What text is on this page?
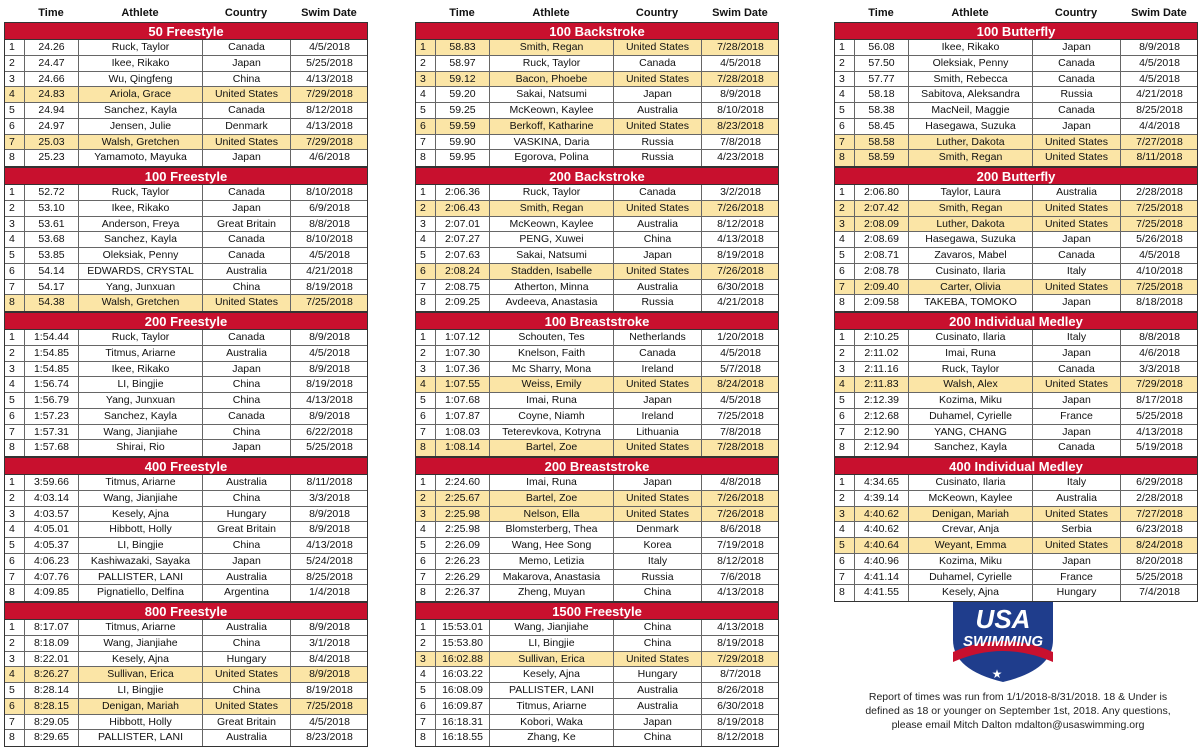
Time	Athlete	Country	Swim Date
50 Freestyle
1	24.26	Ruck, Taylor	Canada	4/5/2018
2	24.47	Ikee, Rikako	Japan	5/25/2018
3	24.66	Wu, Qingfeng	China	4/13/2018
4	24.83	Ariola, Grace	United States	7/29/2018
5	24.94	Sanchez, Kayla	Canada	8/12/2018
6	24.97	Jensen, Julie	Denmark	4/13/2018
7	25.03	Walsh, Gretchen	United States	7/29/2018
8	25.23	Yamamoto, Mayuka	Japan	4/6/2018
100 Freestyle
1	52.72	Ruck, Taylor	Canada	8/10/2018
2	53.10	Ikee, Rikako	Japan	6/9/2018
3	53.61	Anderson, Freya	Great Britain	8/8/2018
4	53.68	Sanchez, Kayla	Canada	8/10/2018
5	53.85	Oleksiak, Penny	Canada	4/5/2018
6	54.14	EDWARDS, CRYSTAL	Australia	4/21/2018
7	54.17	Yang, Junxuan	China	8/19/2018
8	54.38	Walsh, Gretchen	United States	7/25/2018
200 Freestyle
1	1:54.44	Ruck, Taylor	Canada	8/9/2018
2	1:54.85	Titmus, Ariarne	Australia	4/5/2018
3	1:54.85	Ikee, Rikako	Japan	8/9/2018
4	1:56.74	LI, Bingjie	China	8/19/2018
5	1:56.79	Yang, Junxuan	China	4/13/2018
6	1:57.23	Sanchez, Kayla	Canada	8/9/2018
7	1:57.31	Wang, Jianjiahe	China	6/22/2018
8	1:57.68	Shirai, Rio	Japan	5/25/2018
400 Freestyle
1	3:59.66	Titmus, Ariarne	Australia	8/11/2018
2	4:03.14	Wang, Jianjiahe	China	3/3/2018
3	4:03.57	Kesely, Ajna	Hungary	8/9/2018
4	4:05.01	Hibbott, Holly	Great Britain	8/9/2018
5	4:05.37	LI, Bingjie	China	4/13/2018
6	4:06.23	Kashiwazaki, Sayaka	Japan	5/24/2018
7	4:07.76	PALLISTER, LANI	Australia	8/25/2018
8	4:09.85	Pignatiello, Delfina	Argentina	1/4/2018
800 Freestyle
1	8:17.07	Titmus, Ariarne	Australia	8/9/2018
2	8:18.09	Wang, Jianjiahe	China	3/1/2018
3	8:22.01	Kesely, Ajna	Hungary	8/4/2018
4	8:26.27	Sullivan, Erica	United States	8/9/2018
5	8:28.14	LI, Bingjie	China	8/19/2018
6	8:28.15	Denigan, Mariah	United States	7/25/2018
7	8:29.05	Hibbott, Holly	Great Britain	4/5/2018
8	8:29.65	PALLISTER, LANI	Australia	8/23/2018
Time	Athlete	Country	Swim Date
100 Backstroke
1	58.83	Smith, Regan	United States	7/28/2018
2	58.97	Ruck, Taylor	Canada	4/5/2018
3	59.12	Bacon, Phoebe	United States	7/28/2018
4	59.20	Sakai, Natsumi	Japan	8/9/2018
5	59.25	McKeown, Kaylee	Australia	8/10/2018
6	59.59	Berkoff, Katharine	United States	8/23/2018
7	59.90	VASKINA, Daria	Russia	7/8/2018
8	59.95	Egorova, Polina	Russia	4/23/2018
200 Backstroke
1	2:06.36	Ruck, Taylor	Canada	3/2/2018
2	2:06.43	Smith, Regan	United States	7/26/2018
3	2:07.01	McKeown, Kaylee	Australia	8/12/2018
4	2:07.27	PENG, Xuwei	China	4/13/2018
5	2:07.63	Sakai, Natsumi	Japan	8/19/2018
6	2:08.24	Stadden, Isabelle	United States	7/26/2018
7	2:08.75	Atherton, Minna	Australia	6/30/2018
8	2:09.25	Avdeeva, Anastasia	Russia	4/21/2018
100 Breaststroke
1	1:07.12	Schouten, Tes	Netherlands	1/20/2018
2	1:07.30	Knelson, Faith	Canada	4/5/2018
3	1:07.36	Mc Sharry, Mona	Ireland	5/7/2018
4	1:07.55	Weiss, Emily	United States	8/24/2018
5	1:07.68	Imai, Runa	Japan	4/5/2018
6	1:07.87	Coyne, Niamh	Ireland	7/25/2018
7	1:08.03	Teterevkova, Kotryna	Lithuania	7/8/2018
8	1:08.14	Bartel, Zoe	United States	7/28/2018
200 Breaststroke
1	2:24.60	Imai, Runa	Japan	4/8/2018
2	2:25.67	Bartel, Zoe	United States	7/26/2018
3	2:25.98	Nelson, Ella	United States	7/26/2018
4	2:25.98	Blomsterberg, Thea	Denmark	8/6/2018
5	2:26.09	Wang, Hee Song	Korea	7/19/2018
6	2:26.23	Memo, Letizia	Italy	8/12/2018
7	2:26.29	Makarova, Anastasia	Russia	7/6/2018
8	2:26.37	Zheng, Muyan	China	4/13/2018
1500 Freestyle
1	15:53.01	Wang, Jianjiahe	China	4/13/2018
2	15:53.80	LI, Bingjie	China	8/19/2018
3	16:02.88	Sullivan, Erica	United States	7/29/2018
4	16:03.22	Kesely, Ajna	Hungary	8/7/2018
5	16:08.09	PALLISTER, LANI	Australia	8/26/2018
6	16:09.87	Titmus, Ariarne	Australia	6/30/2018
7	16:18.31	Kobori, Waka	Japan	8/19/2018
8	16:18.55	Zhang, Ke	China	8/12/2018
Time	Athlete	Country	Swim Date
100 Butterfly
1	56.08	Ikee, Rikako	Japan	8/9/2018
2	57.50	Oleksiak, Penny	Canada	4/5/2018
3	57.77	Smith, Rebecca	Canada	4/5/2018
4	58.18	Sabitova, Aleksandra	Russia	4/21/2018
5	58.38	MacNeil, Maggie	Canada	8/25/2018
6	58.45	Hasegawa, Suzuka	Japan	4/4/2018
7	58.58	Luther, Dakota	United States	7/27/2018
8	58.59	Smith, Regan	United States	8/11/2018
200 Butterfly
1	2:06.80	Taylor, Laura	Australia	2/28/2018
2	2:07.42	Smith, Regan	United States	7/25/2018
3	2:08.09	Luther, Dakota	United States	7/25/2018
4	2:08.69	Hasegawa, Suzuka	Japan	5/26/2018
5	2:08.71	Zavaros, Mabel	Canada	4/5/2018
6	2:08.78	Cusinato, Ilaria	Italy	4/10/2018
7	2:09.40	Carter, Olivia	United States	7/25/2018
8	2:09.58	TAKEBA, TOMOKO	Japan	8/18/2018
200 Individual Medley
1	2:10.25	Cusinato, Ilaria	Italy	8/8/2018
2	2:11.02	Imai, Runa	Japan	4/6/2018
3	2:11.16	Ruck, Taylor	Canada	3/3/2018
4	2:11.83	Walsh, Alex	United States	7/29/2018
5	2:12.39	Kozima, Miku	Japan	8/17/2018
6	2:12.68	Duhamel, Cyrielle	France	5/25/2018
7	2:12.90	YANG, CHANG	Japan	4/13/2018
8	2:12.94	Sanchez, Kayla	Canada	5/19/2018
400 Individual Medley
1	4:34.65	Cusinato, Ilaria	Italy	6/29/2018
2	4:39.14	McKeown, Kaylee	Australia	2/28/2018
3	4:40.62	Denigan, Mariah	United States	7/27/2018
4	4:40.62	Crevar, Anja	Serbia	6/23/2018
5	4:40.64	Weyant, Emma	United States	8/24/2018
6	4:40.96	Kozima, Miku	Japan	8/20/2018
7	4:41.14	Duhamel, Cyrielle	France	5/25/2018
8	4:41.55	Kesely, Ajna	Hungary	7/4/2018
USA
SWIMMING
★
Report of times was run from 1/1/2018-8/31/2018. 18 & Under is
defined as 18 or younger on September 1st, 2018. Any questions,
please email Mitch Dalton mdalton@usaswimming.org
